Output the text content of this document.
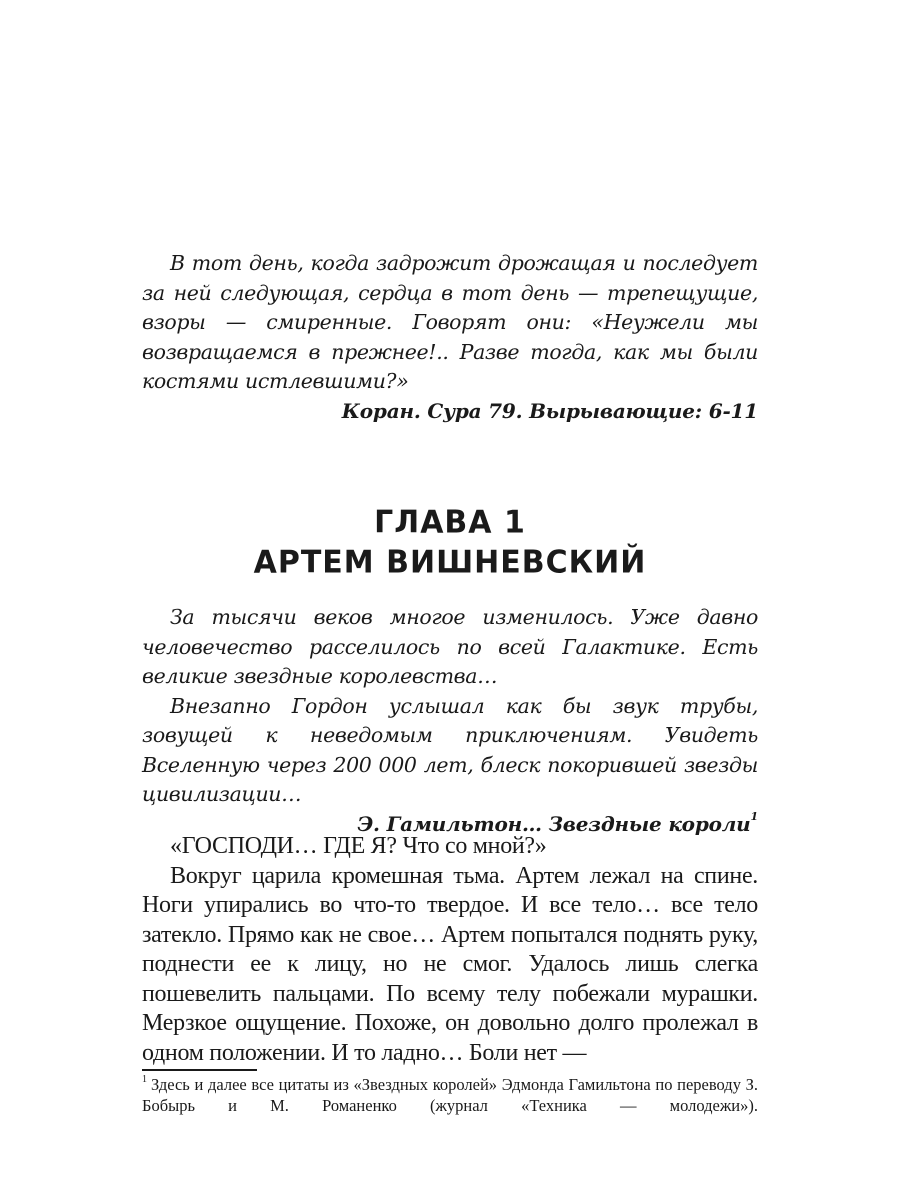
В тот день, когда задрожит дрожащая и последует за ней следующая, сердца в тот день — трепещущие, взоры — смиренные. Говорят они: «Неужели мы возвращаемся в прежнее!.. Разве тогда, как мы были костями истлевшими?»

Коран. Сура 79. Вырывающие: 6-11

ГЛАВА 1
АРТЕМ ВИШНЕВСКИЙ

За тысячи веков многое изменилось. Уже давно человечество расселилось по всей Галактике. Есть великие звездные королевства…

Внезапно Гордон услышал как бы звук трубы, зовущей к неведомым приключениям. Увидеть Вселенную через 200 000 лет, блеск покорившей звезды цивилизации…

Э. Гамильтон… Звездные короли$^1$

«ГОСПОДИ… ГДЕ Я? Что со мной?»

Вокруг царила кромешная тьма. Артем лежал на спине. Ноги упирались во что-то твердое. И все тело… все тело затекло. Прямо как не свое… Артем попытался поднять руку, поднести ее к лицу, но не смог. Удалось лишь слегка пошевелить пальцами. По всему телу побежали мурашки. Мерзкое ощущение. Похоже, он довольно долго пролежал в одном положении. И то ладно… Боли нет —

$^1$ Здесь и далее все цитаты из «Звездных королей» Эдмонда Гамильтона по переводу З. Бобырь и М. Романенко (журнал «Техника — молодежи»).
